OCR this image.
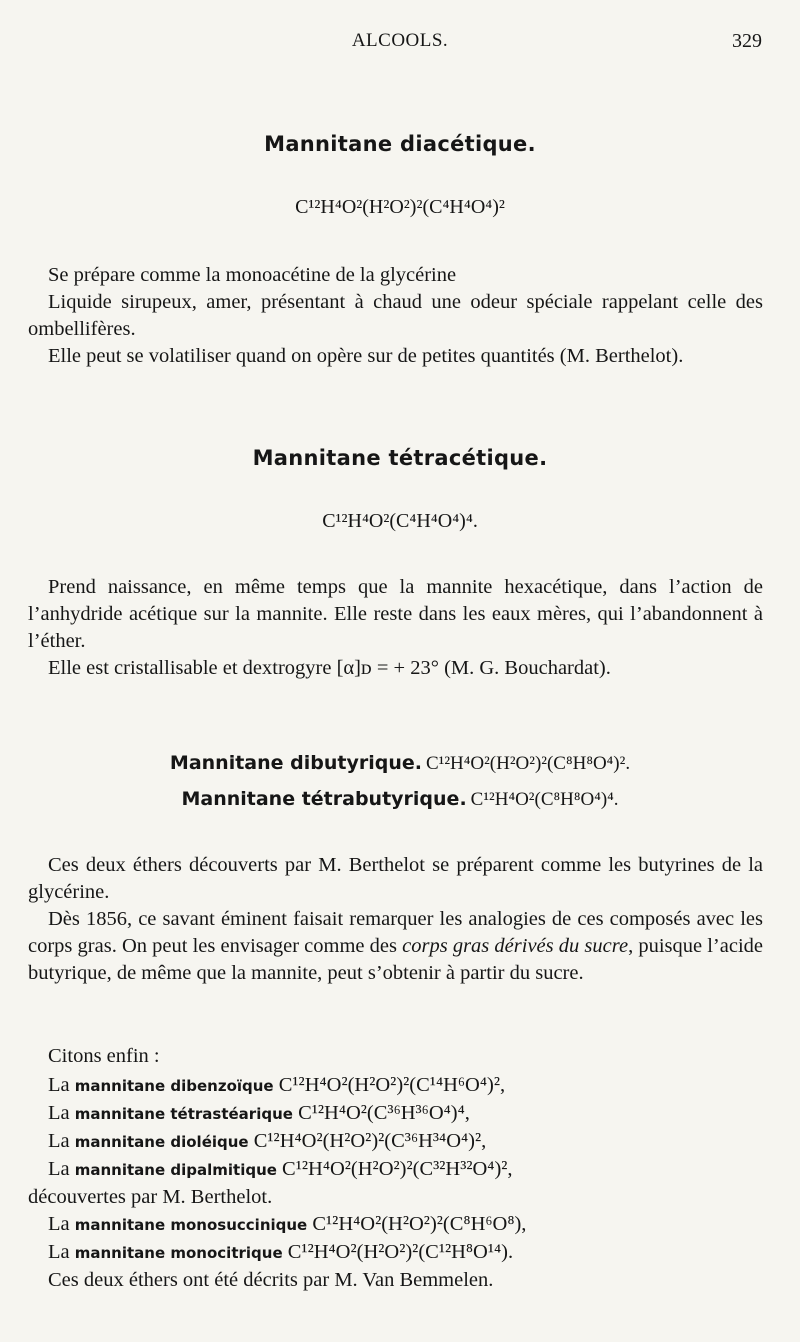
ALCOOLS.	329
Mannitane diacétique.
C¹²H⁴O²(H²O²)²(C⁴H⁴O⁴)²

Se prépare comme la monoacétine de la glycérine

Liquide sirupeux, amer, présentant à chaud une odeur spéciale rappelant celle des ombellifères.

Elle peut se volatiliser quand on opère sur de petites quantités (M. Berthelot).

Mannitane tétracétique.
C¹²H⁴O²(C⁴H⁴O⁴)⁴.

Prend naissance, en même temps que la mannite hexacétique, dans l’action de l’anhydride acétique sur la mannite. Elle reste dans les eaux mères, qui l’abandonnent à l’éther.

Elle est cristallisable et dextrogyre [α]ᴅ = + 23° (M. G. Bouchardat).

Mannitane dibutyrique. C¹²H⁴O²(H²O²)²(C⁸H⁸O⁴)².
Mannitane tétrabutyrique. C¹²H⁴O²(C⁸H⁸O⁴)⁴.

Ces deux éthers découverts par M. Berthelot se préparent comme les butyrines de la glycérine.

Dès 1856, ce savant éminent faisait remarquer les analogies de ces composés avec les corps gras. On peut les envisager comme des corps gras dérivés du sucre, puisque l’acide butyrique, de même que la mannite, peut s’obtenir à partir du sucre.

Citons enfin :
La mannitane dibenzoïque C¹²H⁴O²(H²O²)²(C¹⁴H⁶O⁴)²,
La mannitane tétrastéarique C¹²H⁴O²(C³⁶H³⁶O⁴)⁴,
La mannitane dioléique C¹²H⁴O²(H²O²)²(C³⁶H³⁴O⁴)²,
La mannitane dipalmitique C¹²H⁴O²(H²O²)²(C³²H³²O⁴)²,
découvertes par M. Berthelot.
La mannitane monosuccinique C¹²H⁴O²(H²O²)²(C⁸H⁶O⁸),
La mannitane monocitrique C¹²H⁴O²(H²O²)²(C¹²H⁸O¹⁴).
Ces deux éthers ont été décrits par M. Van Bemmelen.
